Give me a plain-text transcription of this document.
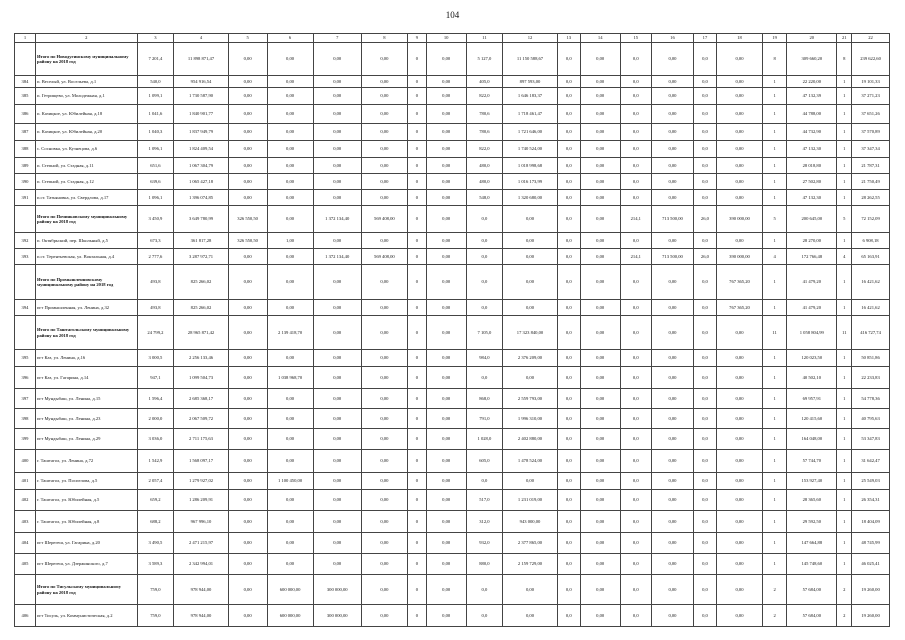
104
1	2	3	4	5	6	7	8	9	10	11	12	13	14	15	16	17	18	19	20	21	22
	Итого по Новодугинскому муниципальному району на 2018 год	7 201,4	11 898 871,47	0,00	0,00	0,00	0,00	0	0,00	5 127,0	11 150 588,67	0,0	0,00	0,0	0,00	0,0	0,00	8	309 660,20	8	239 622,60
384	п. Веселый, ул. Восельева, д.1	540,0	954 916,54	0,00	0,00	0,00	0,00	0	0,00	405,0	897 593,00	0,0	0,00	0,0	0,00	0,0	0,00	1	22 220,00	1	19 101,33
385	п. Гетрищево, ул. Молодежная, д.1	1 099,1	1 730 587,90	0,00	0,00	0,00	0,00	0	0,00	822,0	1 646 183,37	0,0	0,00	0,0	0,00	0,0	0,00	1	47 132,39	1	37 271,23
386	п. Казицкое, ул. Юбилейная, д.18	1 041,6	1 840 901,77	0,00	0,00	0,00	0,00	0	0,00	780,6	1 718 461,47	0,0	0,00	0,0	0,00	0,0	0,00	1	44 788,00	1	37 651,26
387	п. Казицкое, ул. Юбилейная, д.20	1 040,3	1 837 949,79	0,00	0,00	0,00	0,00	0	0,00	780,6	1 721 646,00	0,0	0,00	0,0	0,00	0,0	0,00	1	44 732,90	1	37 570,89
388	с. Сосновка, ул. Кузнецова, д.6	1 096,1	1 824 409,54	0,00	0,00	0,00	0,00	0	0,00	822,0	1 740 524,00	0,0	0,00	0,0	0,00	0,0	0,00	1	47 132,30	1	37 347,34
389	п. Степной, ул. Стадная, д.11	651,6	1 067 304,79	0,00	0,00	0,00	0,00	0	0,00	480,0	1 018 998,68	0,0	0,00	0,0	0,00	0,0	0,00	1	28 018,80	1	21 787,31
390	п. Степной, ул. Стадная, д.12	639,6	1 065 427,18	0,00	0,00	0,00	0,00	0	0,00	480,0	1 016 173,99	0,0	0,00	0,0	0,00	0,0	0,00	1	27 502,80	1	21 750,49
391	п.ст. Татьяновка, ул. Свердлова, д.17	1 096,1	1 396 074,85	0,00	0,00	0,00	0,00	0	0,00	548,0	1 320 680,00	0,0	0,00	0,0	0,00	0,0	0,00	1	47 132,30	1	28 262,55
	Итого по Починковскому муниципальному району на 2018 год	3 450,9	3 649 780,99	326 550,50	0,00	1 372 134,40	569 408,00	0	0,00	0,0	0,00	0,0	0,00	214,1	713 500,00	26,0	390 000,00	5	200 645,00	5	72 152,09
392	п. Октябрьский, пер. Школьный, д.5	673,3	361 817,28	326 550,50	1,00	0,00	0,00	0	0,00	0,0	0,00	0,0	0,00	0,0	0,00	0,0	0,00	1	28 270,00	1	6 908,18
393	п.ст. Терентьевская, ул. Вокзальная, д.4	2 777,6	3 287 972,71	0,00	0,00	1 372 134,40	569 408,00	0	0,00	0,0	0,00	0,0	0,00	214,1	713 500,00	26,0	390 000,00	4	172 766,48	4	65 163,91
	Итого по Промышленновскому муниципальному району на 2018 год	493,8	825 266,02	0,00	0,00	0,00	0,00	0	0,00	0,0	0,00	0,0	0,00	0,0	0,00	0,0	767 365,20	1	41 479,20	1	16 421,62
394	пгт Промышленная, ул. Ленина, д.32	493,8	825 266,02	0,00	0,00	0,00	0,00	0	0,00	0,0	0,00	0,0	0,00	0,0	0,00	0,0	767 365,20	1	41 479,20	1	16 421,62
	Итого по Таштагольскому муниципальному району на 2018 год	24 799,2	28 965 871,42	0,00	2 139 418,70	0,00	0,00	0	0,00	7 105,0	17 323 840,00	0,0	0,00	0,0	0,00	0,0	0,00	11	1 058 804,99	11	416 727,74
395	пгт Каз, ул. Ленина, д.16	3 000,5	2 256 133,46	0,00	0,00	0,00	0,00	0	0,00	984,0	2 376 209,00	0,0	0,00	0,0	0,00	0,0	0,00	1	120 023,50	1	50 851,86
396	пгт Каз, ул. Гагарина, д.14	947,1	1 099 504,73	0,00	1 038 968,70	0,00	0,00	0	0,00	0,0	0,00	0,0	0,00	0,0	0,00	0,0	0,00	1	40 502,10	1	22 233,83
397	пгт Мундыбаш, ул. Ленина, д.15	1 596,4	2 685 368,17	0,00	0,00	0,00	0,00	0	0,00	868,0	2 559 793,00	0,0	0,00	0,0	0,00	0,0	0,00	1	69 957,91	1	54 778,36
398	пгт Мундыбаш, ул. Ленина, д.23	2 000,0	2 067 509,72	0,00	0,00	0,00	0,00	0	0,00	791,0	1 996 310,00	0,0	0,00	0,0	0,00	0,0	0,00	1	120 415,60	1	40 795,63
399	пгт Мундыбаш, ул. Ленина, д.29	3 036,0	2 711 175,63	0,00	0,00	0,00	0,00	0	0,00	1 028,0	2 402 880,00	0,0	0,00	0,0	0,00	0,0	0,00	1	164 048,00	1	53 347,83
400	г. Таштагол, ул. Ленина, д.72	1 542,9	1 568 097,17	0,00	0,00	0,00	0,00	0	0,00	605,0	1 478 524,00	0,0	0,00	0,0	0,00	0,0	0,00	1	57 744,70	1	31 642,47
401	г. Таштагол, ул. Поспелова, д.5	2 057,4	1 279 927,02	0,00	1 100 450,00	0,00	0,00	0	0,00	0,0	0,00	0,0	0,00	0,0	0,00	0,0	0,00	1	153 927,40	1	25 549,03
402	г. Таштагол, ул. Юбилейная, д.5	659,2	1 286 209,91	0,00	0,00	0,00	0,00	0	0,00	517,0	1 231 019,00	0,0	0,00	0,0	0,00	0,0	0,00	1	28 365,60	1	26 354,31
403	г. Таштагол, ул. Юбилейная, д.8	688,2	967 996,10	0,00	0,00	0,00	0,00	0	0,00	312,0	943 000,00	0,0	0,00	0,0	0,00	0,0	0,00	1	29 592,50	1	18 404,09
404	пгт Шерегеш, ул. Гагарина, д.20	3 490,5	2 471 215,97	0,00	0,00	0,00	0,00	0	0,00	932,0	2 377 865,00	0,0	0,00	0,0	0,00	0,0	0,00	1	147 664,88	1	48 745,99
405	пгт Шерегеш, ул. Дзержинского, д.7	3 589,3	2 342 994,01	0,00	0,00	0,00	0,00	0	0,00	880,0	2 159 729,00	0,0	0,00	0,0	0,00	0,0	0,00	1	145 748,60	1	46 025,41
	Итого по Тисульскому муниципальному району на 2018 год	759,0	978 944,00	0,00	600 000,00	300 000,00	0,00	0	0,00	0,0	0,00	0,0	0,00	0,0	0,00	0,0	0,00	2	57 684,00	2	19 260,00
406	пгт Тисуль, ул. Коммунистическая, д.2	759,0	978 944,00	0,00	600 000,00	300 000,00	0,00	0	0,00	0,0	0,00	0,0	0,00	0,0	0,00	0,0	0,00	2	57 684,00	2	19 260,00
